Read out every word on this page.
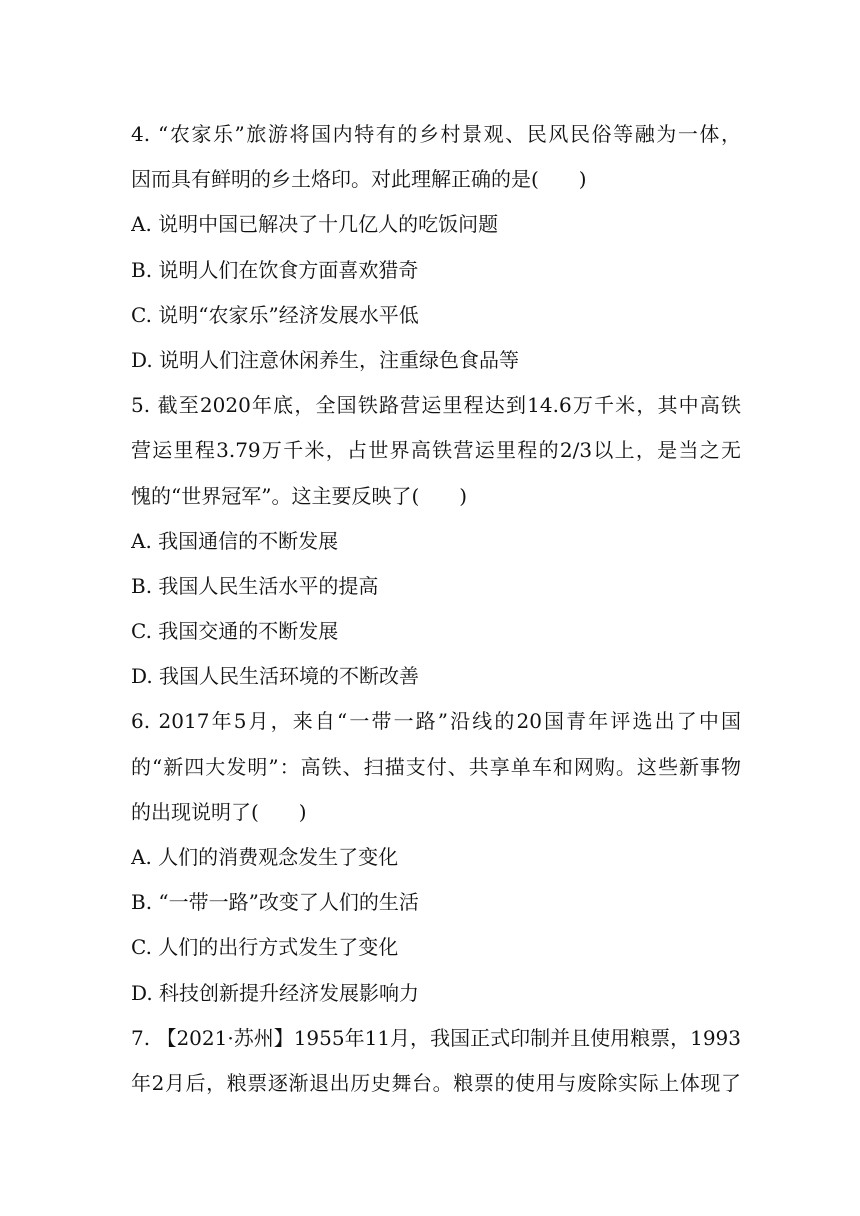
4. “农家乐”旅游将国内特有的乡村景观、民风民俗等融为一体，
因而具有鲜明的乡土烙印。对此理解正确的是(　　)
A. 说明中国已解决了十几亿人的吃饭问题
B. 说明人们在饮食方面喜欢猎奇
C. 说明“农家乐”经济发展水平低
D. 说明人们注意休闲养生，注重绿色食品等
5. 截至2020年底，全国铁路营运里程达到14.6万千米，其中高铁
营运里程3.79万千米，占世界高铁营运里程的2/3以上，是当之无
愧的“世界冠军”。这主要反映了(　　)
A. 我国通信的不断发展
B. 我国人民生活水平的提高
C. 我国交通的不断发展
D. 我国人民生活环境的不断改善
6. 2017年5月，来自“一带一路”沿线的20国青年评选出了中国
的“新四大发明”：高铁、扫描支付、共享单车和网购。这些新事物
的出现说明了(　　)
A. 人们的消费观念发生了变化
B. “一带一路”改变了人们的生活
C. 人们的出行方式发生了变化
D. 科技创新提升经济发展影响力
7. 【2021·苏州】1955年11月，我国正式印制并且使用粮票，1993
年2月后，粮票逐渐退出历史舞台。粮票的使用与废除实际上体现了
